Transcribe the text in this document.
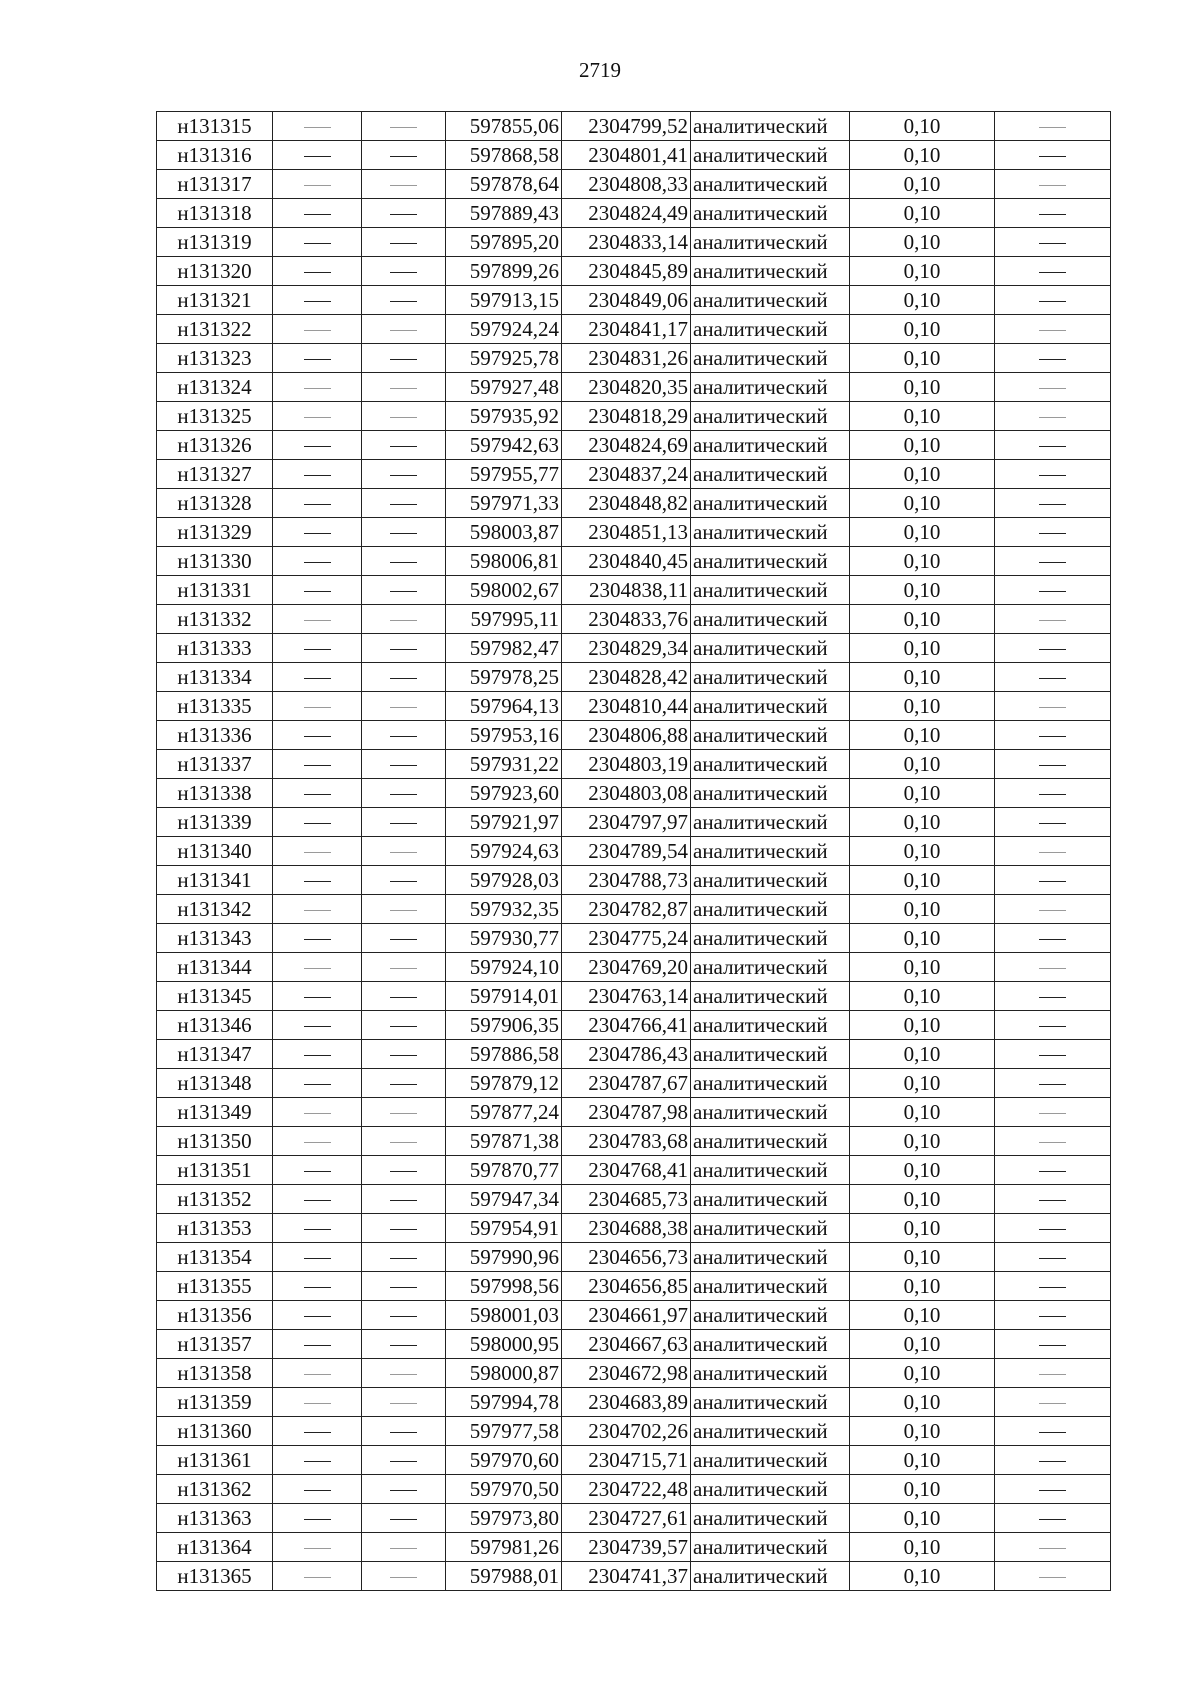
2719
н131315			597855,06	2304799,52	аналитический	0,10	
н131316			597868,58	2304801,41	аналитический	0,10	
н131317			597878,64	2304808,33	аналитический	0,10	
н131318			597889,43	2304824,49	аналитический	0,10	
н131319			597895,20	2304833,14	аналитический	0,10	
н131320			597899,26	2304845,89	аналитический	0,10	
н131321			597913,15	2304849,06	аналитический	0,10	
н131322			597924,24	2304841,17	аналитический	0,10	
н131323			597925,78	2304831,26	аналитический	0,10	
н131324			597927,48	2304820,35	аналитический	0,10	
н131325			597935,92	2304818,29	аналитический	0,10	
н131326			597942,63	2304824,69	аналитический	0,10	
н131327			597955,77	2304837,24	аналитический	0,10	
н131328			597971,33	2304848,82	аналитический	0,10	
н131329			598003,87	2304851,13	аналитический	0,10	
н131330			598006,81	2304840,45	аналитический	0,10	
н131331			598002,67	2304838,11	аналитический	0,10	
н131332			597995,11	2304833,76	аналитический	0,10	
н131333			597982,47	2304829,34	аналитический	0,10	
н131334			597978,25	2304828,42	аналитический	0,10	
н131335			597964,13	2304810,44	аналитический	0,10	
н131336			597953,16	2304806,88	аналитический	0,10	
н131337			597931,22	2304803,19	аналитический	0,10	
н131338			597923,60	2304803,08	аналитический	0,10	
н131339			597921,97	2304797,97	аналитический	0,10	
н131340			597924,63	2304789,54	аналитический	0,10	
н131341			597928,03	2304788,73	аналитический	0,10	
н131342			597932,35	2304782,87	аналитический	0,10	
н131343			597930,77	2304775,24	аналитический	0,10	
н131344			597924,10	2304769,20	аналитический	0,10	
н131345			597914,01	2304763,14	аналитический	0,10	
н131346			597906,35	2304766,41	аналитический	0,10	
н131347			597886,58	2304786,43	аналитический	0,10	
н131348			597879,12	2304787,67	аналитический	0,10	
н131349			597877,24	2304787,98	аналитический	0,10	
н131350			597871,38	2304783,68	аналитический	0,10	
н131351			597870,77	2304768,41	аналитический	0,10	
н131352			597947,34	2304685,73	аналитический	0,10	
н131353			597954,91	2304688,38	аналитический	0,10	
н131354			597990,96	2304656,73	аналитический	0,10	
н131355			597998,56	2304656,85	аналитический	0,10	
н131356			598001,03	2304661,97	аналитический	0,10	
н131357			598000,95	2304667,63	аналитический	0,10	
н131358			598000,87	2304672,98	аналитический	0,10	
н131359			597994,78	2304683,89	аналитический	0,10	
н131360			597977,58	2304702,26	аналитический	0,10	
н131361			597970,60	2304715,71	аналитический	0,10	
н131362			597970,50	2304722,48	аналитический	0,10	
н131363			597973,80	2304727,61	аналитический	0,10	
н131364			597981,26	2304739,57	аналитический	0,10	
н131365			597988,01	2304741,37	аналитический	0,10	
